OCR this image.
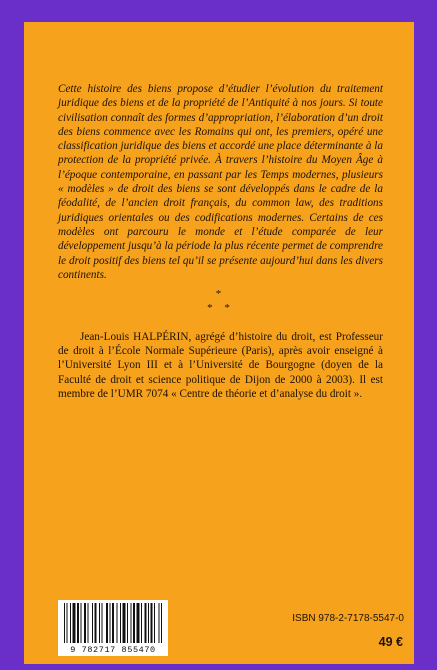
Cette histoire des biens propose d’étudier l’évolution du traitement juridique des biens et de la propriété de l’Antiquité à nos jours. Si toute civilisation connaît des formes d’appropriation, l’élaboration d’un droit des biens commence avec les Romains qui ont, les premiers, opéré une classification juridique des biens et accordé une place déterminante à la protection de la propriété privée. À travers l’histoire du Moyen Âge à l’époque contemporaine, en passant par les Temps modernes, plusieurs « modèles » de droit des biens se sont développés dans le cadre de la féodalité, de l’ancien droit français, du common law, des traditions juridiques orientales ou des codifications modernes. Certains de ces modèles ont parcouru le monde et l’étude comparée de leur développement jusqu’à la période la plus récente permet de comprendre le droit positif des biens tel qu’il se présente aujourd’hui dans les divers continents.

*
* *

Jean-Louis HALPÉRIN, agrégé d’histoire du droit, est Professeur de droit à l’École Normale Supérieure (Paris), après avoir enseigné à l’Université Lyon III et à l’Université de Bourgogne (doyen de la Faculté de droit et science politique de Dijon de 2000 à 2003). Il est membre de l’UMR 7074 « Centre de théorie et d’analyse du droit ».

9 782717 855470
ISBN 978-2-7178-5547-0
49 €
